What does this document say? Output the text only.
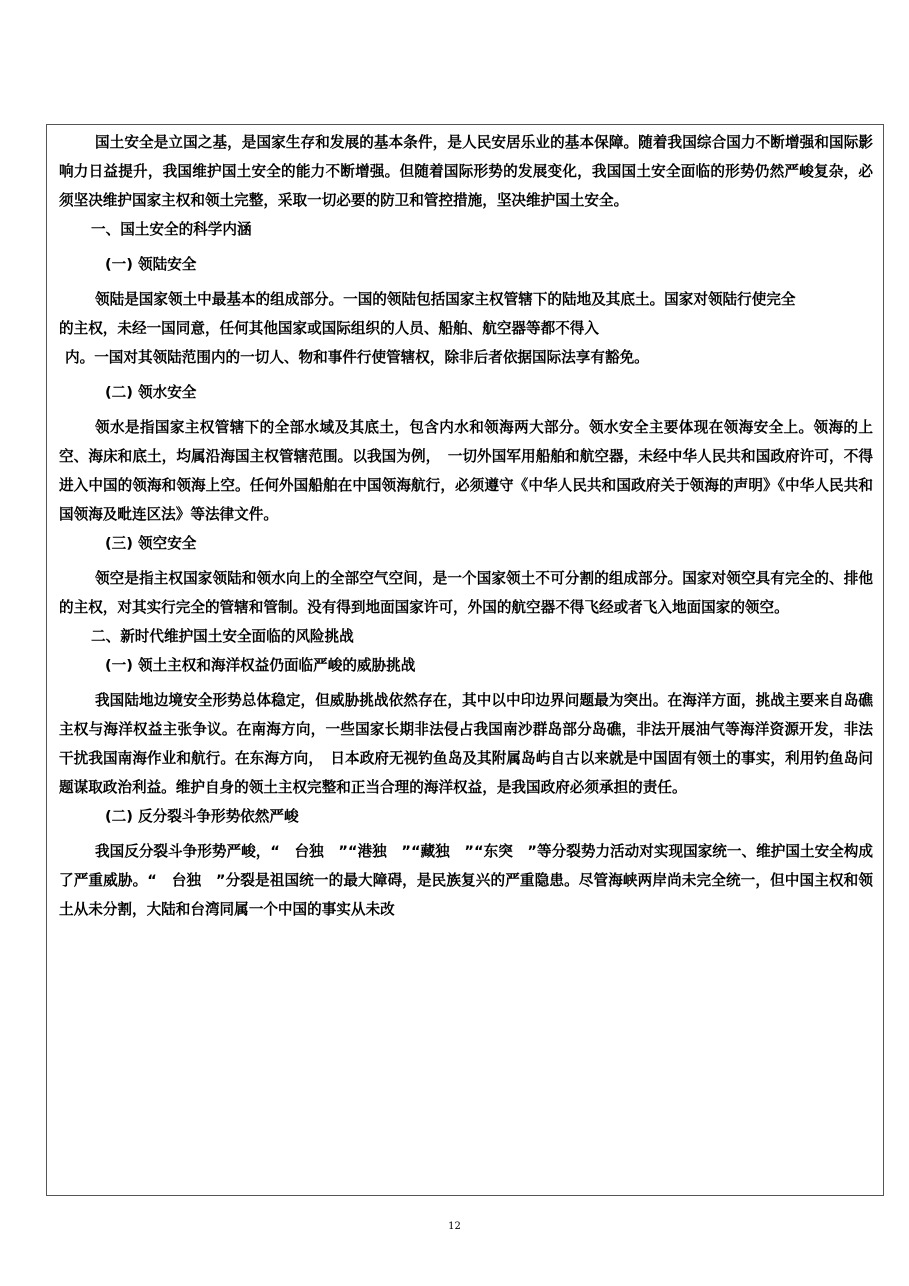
国土安全是立国之基，是国家生存和发展的基本条件，是人民安居乐业的基本保障。随着我国综合国力不断增强和国际影响力日益提升，我国维护国土安全的能力不断增强。但随着国际形势的发展变化，我国国土安全面临的形势仍然严峻复杂，必须坚决维护国家主权和领土完整，采取一切必要的防卫和管控措施，坚决维护国土安全。

一、国土安全的科学内涵

(一) 领陆安全

领陆是国家领土中最基本的组成部分。一国的领陆包括国家主权管辖下的陆地及其底土。国家对领陆行使完全
的主权，未经一国同意，任何其他国家或国际组织的人员、船舶、航空器等都不得入
内。一国对其领陆范围内的一切人、物和事件行使管辖权，除非后者依据国际法享有豁免。

(二) 领水安全

领水是指国家主权管辖下的全部水域及其底土，包含内水和领海两大部分。领水安全主要体现在领海安全上。领海的上空、海床和底土，均属沿海国主权管辖范围。以我国为例，　一切外国军用船舶和航空器，未经中华人民共和国政府许可，不得进入中国的领海和领海上空。任何外国船舶在中国领海航行，必须遵守《中华人民共和国政府关于领海的声明》《中华人民共和国领海及毗连区法》等法律文件。

(三) 领空安全

领空是指主权国家领陆和领水向上的全部空气空间，是一个国家领土不可分割的组成部分。国家对领空具有完全的、排他的主权，对其实行完全的管辖和管制。没有得到地面国家许可，外国的航空器不得飞经或者飞入地面国家的领空。

二、新时代维护国土安全面临的风险挑战

(一) 领土主权和海洋权益仍面临严峻的威胁挑战

我国陆地边境安全形势总体稳定，但威胁挑战依然存在，其中以中印边界问题最为突出。在海洋方面，挑战主要来自岛礁主权与海洋权益主张争议。在南海方向，一些国家长期非法侵占我国南沙群岛部分岛礁，非法开展油气等海洋资源开发，非法干扰我国南海作业和航行。在东海方向，　日本政府无视钓鱼岛及其附属岛屿自古以来就是中国固有领土的事实，利用钓鱼岛问题谋取政治利益。维护自身的领土主权完整和正当合理的海洋权益，是我国政府必须承担的责任。

(二) 反分裂斗争形势依然严峻

我国反分裂斗争形势严峻，“　台独　”“港独　”“藏独　”“东突　”等分裂势力活动对实现国家统一、维护国土安全构成了严重威胁。“　台独　”分裂是祖国统一的最大障碍，是民族复兴的严重隐患。尽管海峡两岸尚未完全统一，但中国主权和领土从未分割，大陆和台湾同属一个中国的事实从未改

12
